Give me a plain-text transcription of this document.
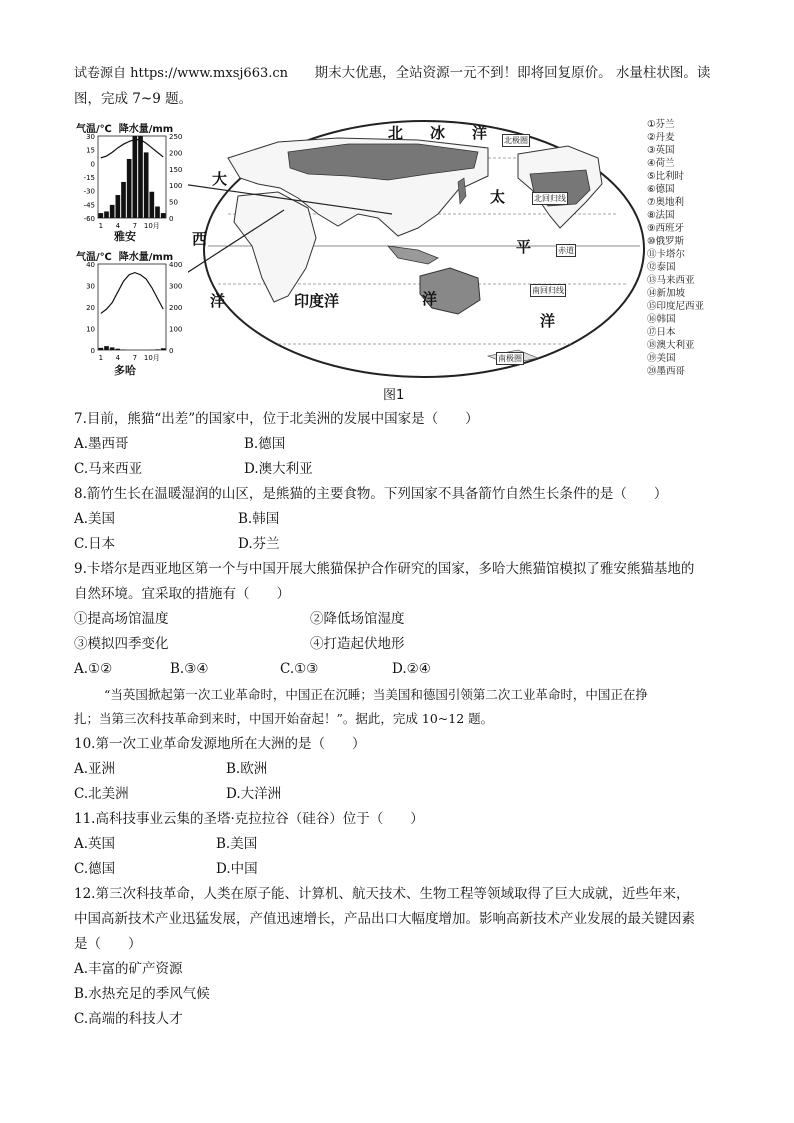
试卷源自 https://www.mxsj663.cn 期末大优惠，全站资源一元不到！即将回复原价。 水量柱状图。读
图，完成 7~9 题。
气温/℃ 降水量/mm
30
15
0
-15
-30
-45
-60
250
200
150
100
50
0
1 4 7 10月
雅安
气温/℃ 降水量/mm
40
30
20
10
0
400
300
200
100
0
1 4 7 10月
多哈
北 冰 洋
大
太
平
洋
西
洋	印度洋	洋
北极圈
北回归线
赤道
南回归线
南极圈
①芬兰
②丹麦
③英国
④荷兰
⑤比利时
⑥德国
⑦奥地利
⑧法国
⑨西班牙
⑩俄罗斯
⑪卡塔尔
⑫泰国
⑬马来西亚
⑭新加坡
⑮印度尼西亚
⑯韩国
⑰日本
⑱澳大利亚
⑲美国
⑳墨西哥
图1
7.目前，熊猫“出差”的国家中，位于北美洲的发展中国家是（　　）
A.墨西哥	B.德国
C.马来西亚	D.澳大利亚
8.箭竹生长在温暖湿润的山区，是熊猫的主要食物。下列国家不具备箭竹自然生长条件的是（　　）
A.美国	B.韩国
C.日本	D.芬兰
9.卡塔尔是西亚地区第一个与中国开展大熊猫保护合作研究的国家，多哈大熊猫馆模拟了雅安熊猫基地的
自然环境。宜采取的措施有（　　）
①提高场馆温度	②降低场馆湿度
③模拟四季变化	④打造起伏地形
A.①②	B.③④	C.①③	D.②④
“当英国掀起第一次工业革命时，中国正在沉睡；当美国和德国引领第二次工业革命时，中国正在挣
扎；当第三次科技革命到来时，中国开始奋起！”。据此，完成 10~12 题。
10.第一次工业革命发源地所在大洲的是（　　）
A.亚洲	B.欧洲
C.北美洲	D.大洋洲
11.高科技事业云集的圣塔·克拉拉谷（硅谷）位于（　　）
A.英国	B.美国
C.德国	D.中国
12.第三次科技革命，人类在原子能、计算机、航天技术、生物工程等领域取得了巨大成就，近些年来，
中国高新技术产业迅猛发展，产值迅速增长，产品出口大幅度增加。影响高新技术产业发展的最关键因素
是（　　）
A.丰富的矿产资源
B.水热充足的季风气候
C.高端的科技人才
